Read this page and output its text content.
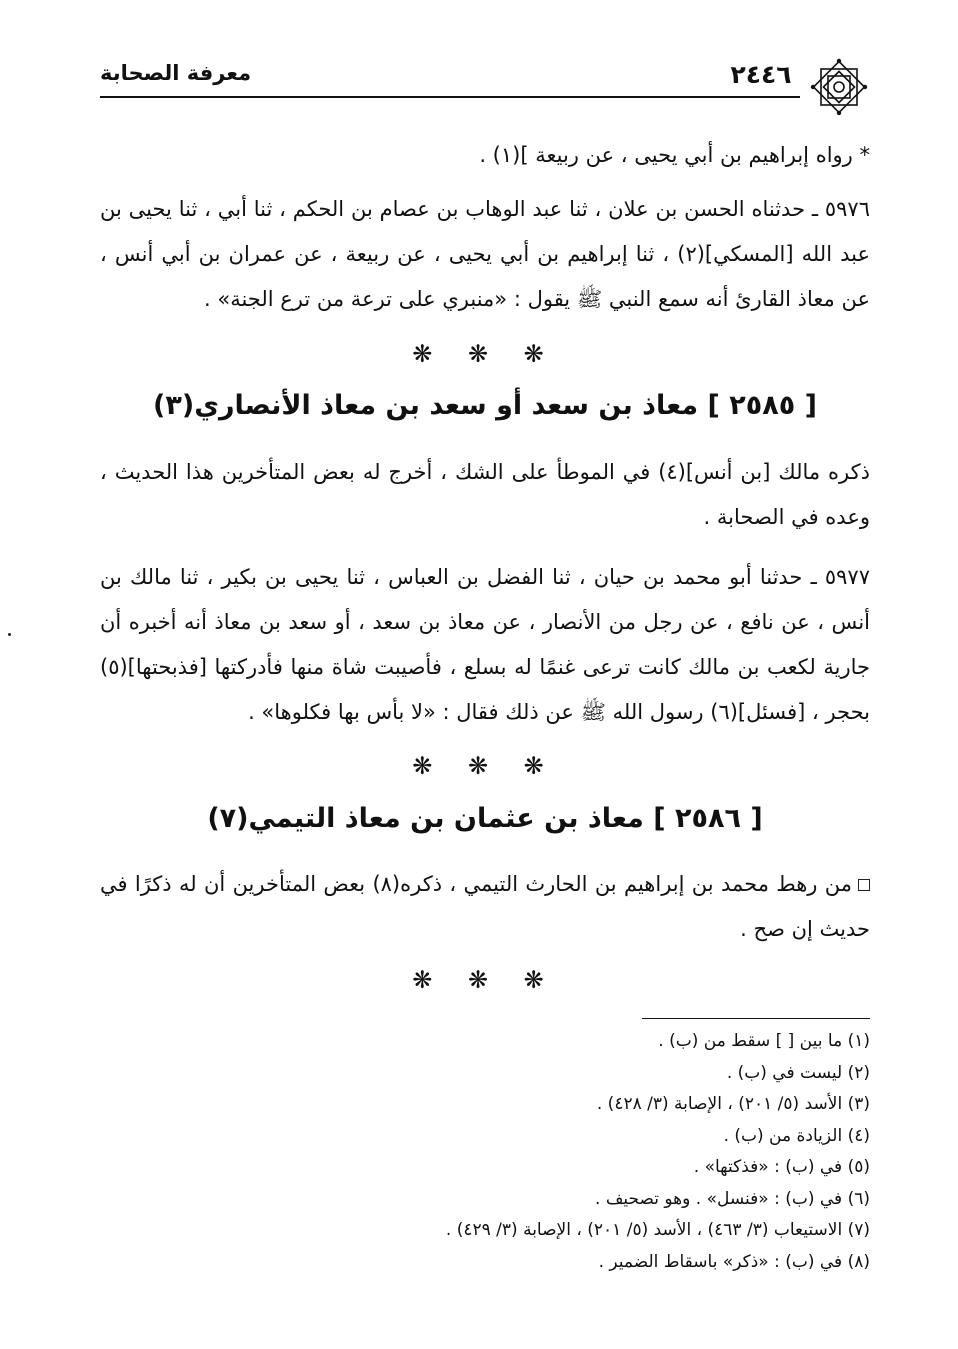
٢٤٤٦
معرفة الصحابة

* رواه إبراهيم بن أبي يحيى ، عن ربيعة ](١) .

٥٩٧٦ ـ حدثناه الحسن بن علان ، ثنا عبد الوهاب بن عصام بن الحكم ، ثنا أبي ، ثنا يحيى بن عبد الله [المسكي](٢) ، ثنا إبراهيم بن أبي يحيى ، عن ربيعة ، عن عمران بن أبي أنس ، عن معاذ القارئ أنه سمع النبي ﷺ يقول : «منبري على ترعة من ترع الجنة» .

❋ ❋ ❋
[ ٢٥٨٥ ] معاذ بن سعد أو سعد بن معاذ الأنصاري(٣)

ذكره مالك [بن أنس](٤) في الموطأ على الشك ، أخرج له بعض المتأخرين هذا الحديث ، وعده في الصحابة .

٥٩٧٧ ـ حدثنا أبو محمد بن حيان ، ثنا الفضل بن العباس ، ثنا يحيى بن بكير ، ثنا مالك بن أنس ، عن نافع ، عن رجل من الأنصار ، عن معاذ بن سعد ، أو سعد بن معاذ أنه أخبره أن جارية لكعب بن مالك كانت ترعى غنمًا له بسلع ، فأصيبت شاة منها فأدركتها [فذبحتها](٥) بحجر ، [فسئل](٦) رسول الله ﷺ عن ذلك فقال : «لا بأس بها فكلوها» .

❋ ❋ ❋
[ ٢٥٨٦ ] معاذ بن عثمان بن معاذ التيمي(٧)

من رهط محمد بن إبراهيم بن الحارث التيمي ، ذكره(٨) بعض المتأخرين أن له ذكرًا في حديث إن صح .

❋ ❋ ❋
(١) ما بين [ ] سقط من (ب) .
(٢) ليست في (ب) .
(٣) الأسد (٥/ ٢٠١) ، الإصابة (٣/ ٤٢٨) .
(٤) الزيادة من (ب) .
(٥) في (ب) : «فذكتها» .
(٦) في (ب) : «فنسل» . وهو تصحيف .
(٧) الاستيعاب (٣/ ٤٦٣) ، الأسد (٥/ ٢٠١) ، الإصابة (٣/ ٤٢٩) .
(٨) في (ب) : «ذكر» باسقاط الضمير .
